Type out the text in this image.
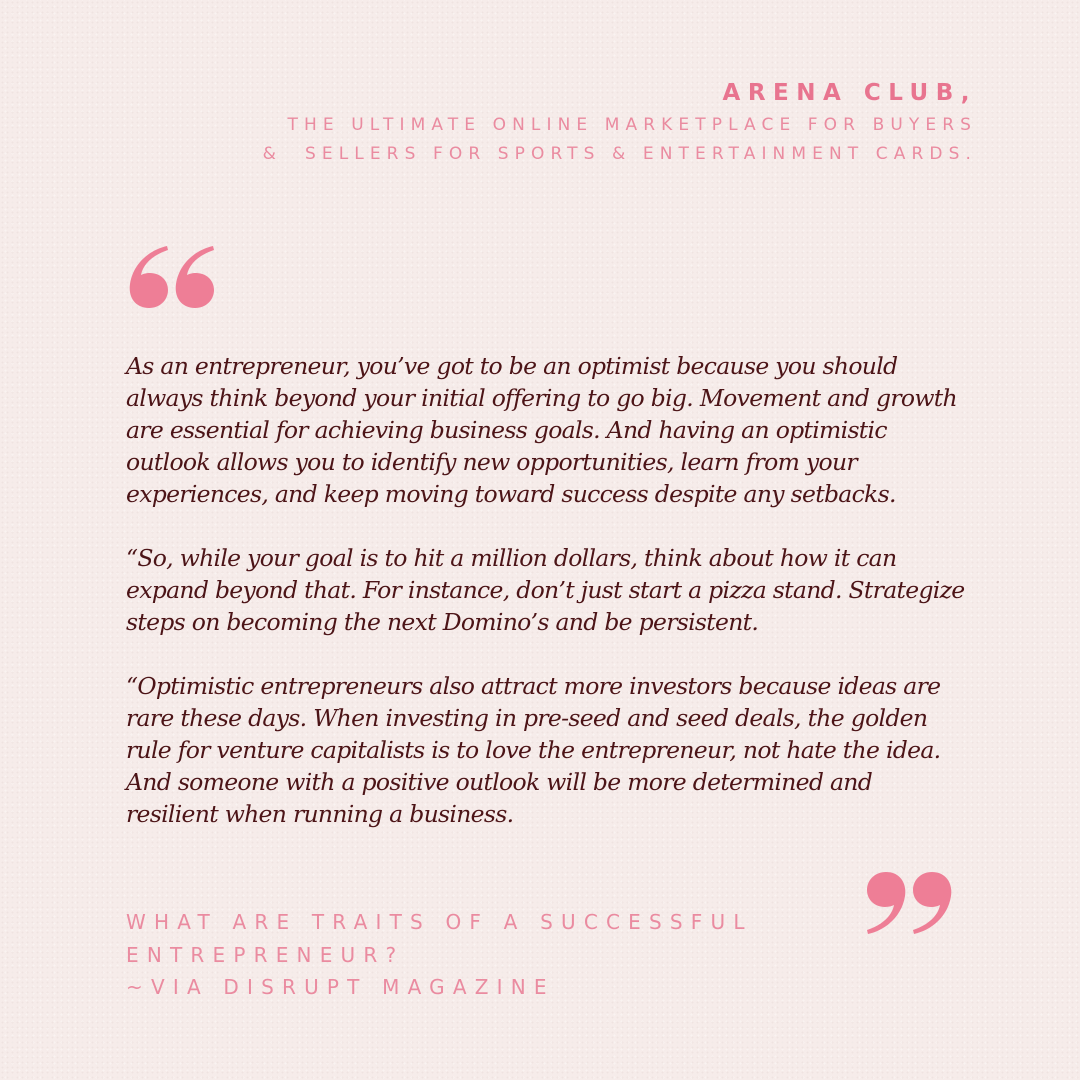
ARENA CLUB,
THE ULTIMATE ONLINE MARKETPLACE FOR BUYERS
&  SELLERS FOR SPORTS & ENTERTAINMENT CARDS.

As an entrepreneur, you’ve got to be an optimist because you should always think beyond your initial offering to go big. Movement and growth are essential for achieving business goals. And having an optimistic outlook allows you to identify new opportunities, learn from your experiences, and keep moving toward success despite any setbacks.

“So, while your goal is to hit a million dollars, think about how it can expand beyond that. For instance, don’t just start a pizza stand. Strategize steps on becoming the next Domino’s and be persistent.

“Optimistic entrepreneurs also attract more investors because ideas are rare these days. When investing in pre-seed and seed deals, the golden rule for venture capitalists is to love the entrepreneur, not hate the idea. And someone with a positive outlook will be more determined and resilient when running a business.

WHAT ARE TRAITS OF A SUCCESSFUL ENTREPRENEUR?
~VIA DISRUPT MAGAZINE
